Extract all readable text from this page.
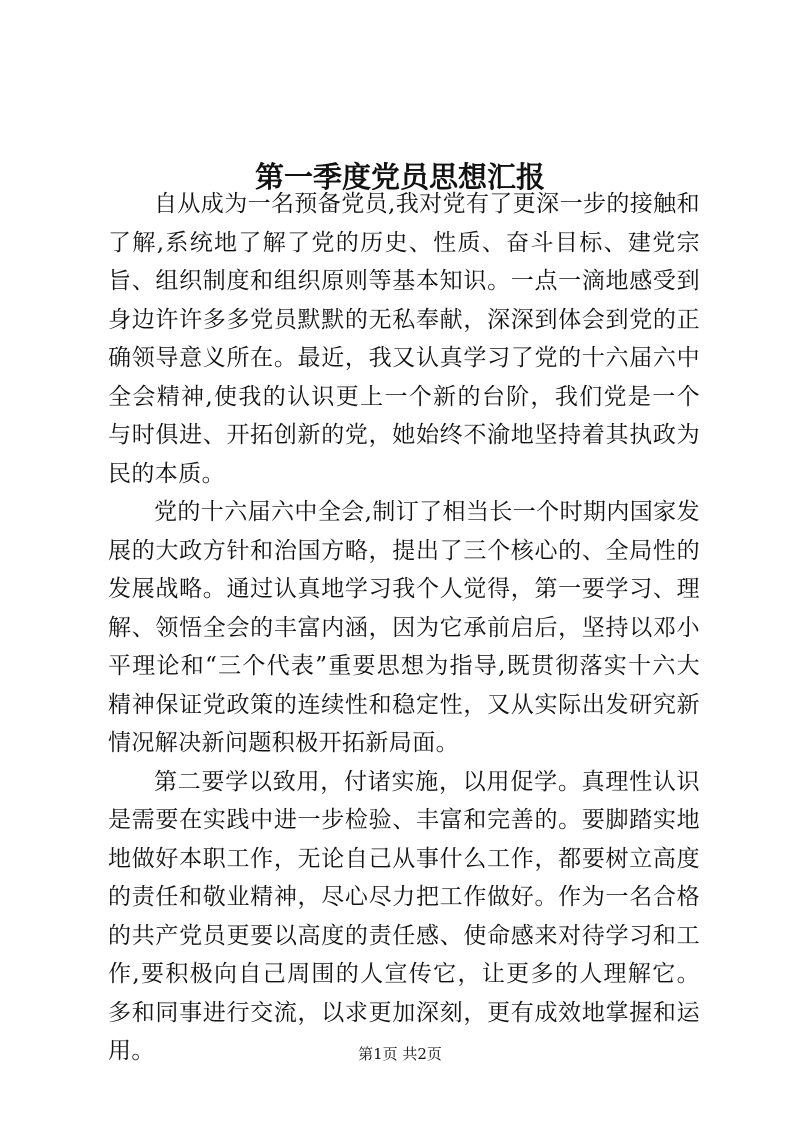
第一季度党员思想汇报

自从成为一名预备党员,我对党有了更深一步的接触和了解,系统地了解了党的历史、性质、奋斗目标、建党宗旨、组织制度和组织原则等基本知识。一点一滴地感受到身边许许多多党员默默的无私奉献，深深到体会到党的正确领导意义所在。最近，我又认真学习了党的十六届六中全会精神,使我的认识更上一个新的台阶，我们党是一个与时俱进、开拓创新的党，她始终不渝地坚持着其执政为民的本质。

党的十六届六中全会,制订了相当长一个时期内国家发展的大政方针和治国方略，提出了三个核心的、全局性的发展战略。通过认真地学习我个人觉得，第一要学习、理解、领悟全会的丰富内涵，因为它承前启后，坚持以邓小平理论和“三个代表”重要思想为指导,既贯彻落实十六大精神保证党政策的连续性和稳定性，又从实际出发研究新情况解决新问题积极开拓新局面。

第二要学以致用，付诸实施，以用促学。真理性认识是需要在实践中进一步检验、丰富和完善的。要脚踏实地地做好本职工作，无论自己从事什么工作，都要树立高度的责任和敬业精神，尽心尽力把工作做好。作为一名合格的共产党员更要以高度的责任感、使命感来对待学习和工作,要积极向自己周围的人宣传它，让更多的人理解它。多和同事进行交流，以求更加深刻，更有成效地掌握和运用。	第1页 共2页
